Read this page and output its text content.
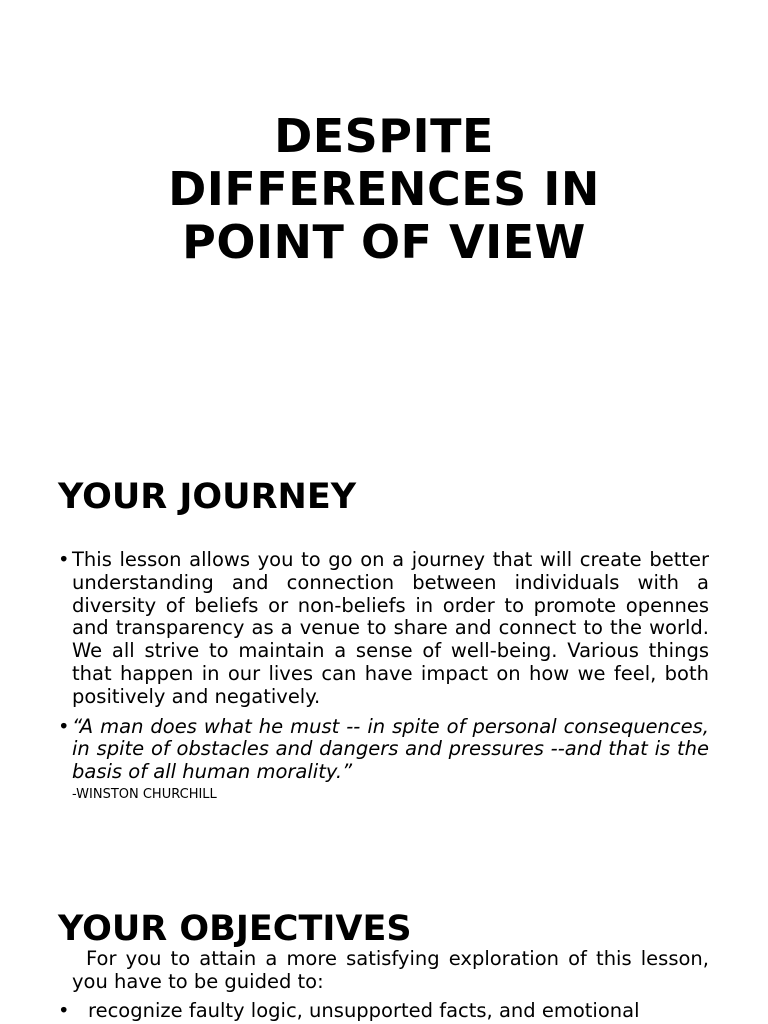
DESPITE
DIFFERENCES IN
POINT OF VIEW
YOUR JOURNEY
• This lesson allows you to go on a journey that will create better understanding and connection between individuals with a diversity of beliefs or non-beliefs in order to promote opennes and transparency as a venue to share and connect to the world. We all strive to maintain a sense of well-being. Various things that happen in our lives can have impact on how we feel, both positively and negatively.
• “A man does what he must -- in spite of personal consequences, in spite of obstacles and dangers and pressures --and that is the basis of all human morality.”
-WINSTON CHURCHILL
YOUR OBJECTIVES

For you to attain a more satisfying exploration of this lesson, you have to be guided to:

• recognize faulty logic, unsupported facts, and emotional
